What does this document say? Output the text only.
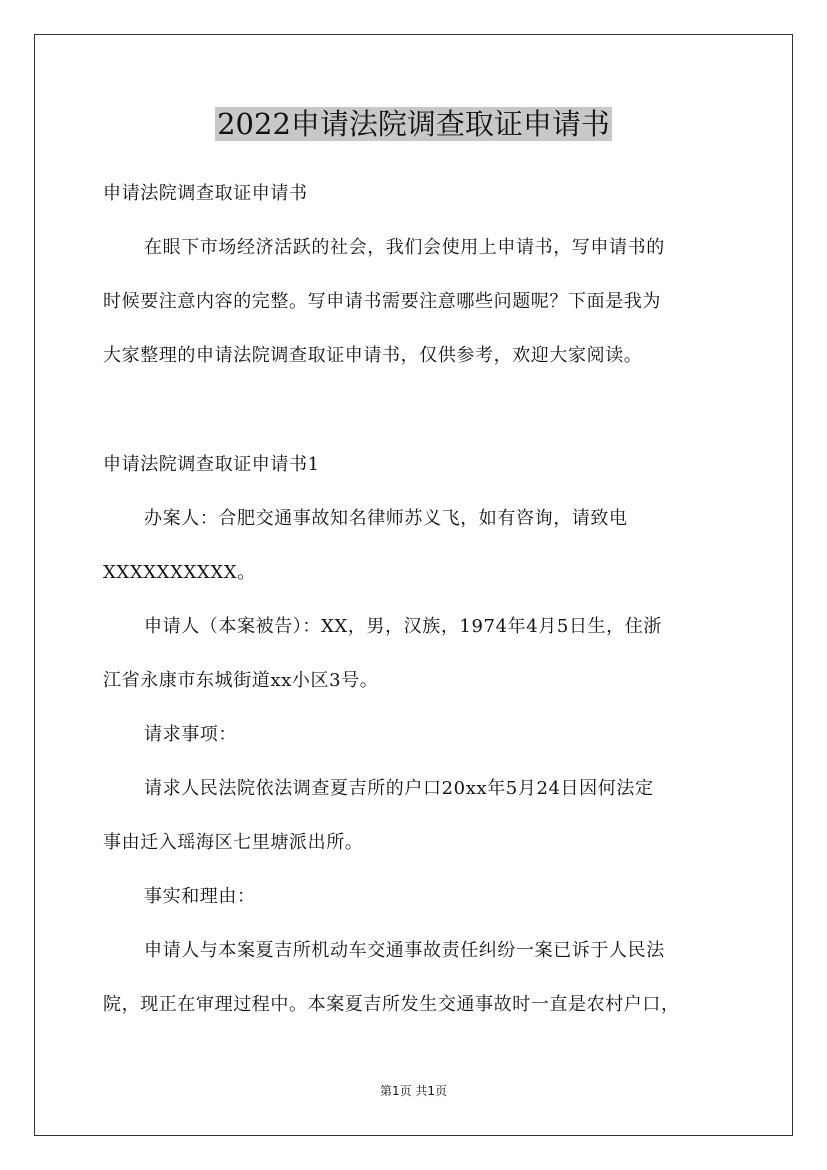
2022申请法院调查取证申请书
申请法院调查取证申请书
在眼下市场经济活跃的社会，我们会使用上申请书，写申请书的
时候要注意内容的完整。写申请书需要注意哪些问题呢？下面是我为
大家整理的申请法院调查取证申请书，仅供参考，欢迎大家阅读。
申请法院调查取证申请书1
办案人：合肥交通事故知名律师苏义飞，如有咨询，请致电
XXXXXXXXXX。
申请人（本案被告）：XX，男，汉族，1974年4月5日生，住浙
江省永康市东城街道xx小区3号。
请求事项：
请求人民法院依法调查夏吉所的户口20xx年5月24日因何法定
事由迁入瑶海区七里塘派出所。
事实和理由：
申请人与本案夏吉所机动车交通事故责任纠纷一案已诉于人民法
院，现正在审理过程中。本案夏吉所发生交通事故时一直是农村户口，
第1页 共1页
